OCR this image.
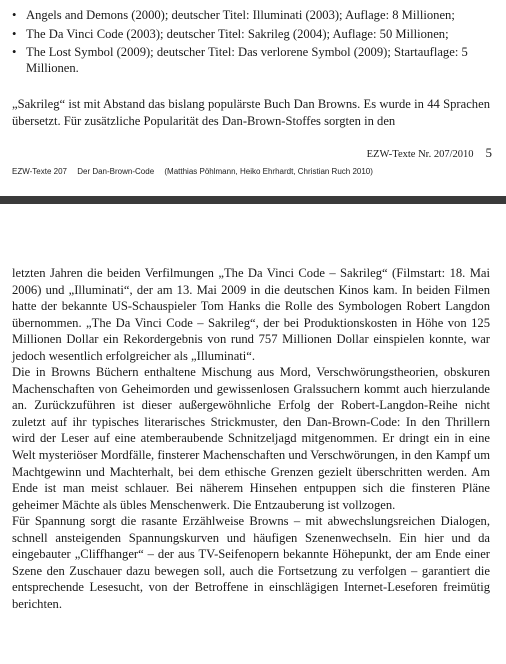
• Angels and Demons (2000); deutscher Titel: Illuminati (2003); Auflage: 8 Millionen;
• The Da Vinci Code (2003); deutscher Titel: Sakrileg (2004); Auflage: 50 Millionen;
• The Lost Symbol (2009); deutscher Titel: Das verlorene Symbol (2009); Startauflage: 5 Millionen.

„Sakrileg“ ist mit Abstand das bislang populärste Buch Dan Browns. Es wurde in 44 Sprachen übersetzt. Für zusätzliche Popularität des Dan-Brown-Stoffes sorgten in den

EZW-Texte Nr. 207/2010 5
EZW-Texte 207 Der Dan-Brown-Code (Matthias Pöhlmann, Heiko Ehrhardt, Christian Ruch 2010)

letzten Jahren die beiden Verfilmungen „The Da Vinci Code – Sakrileg“ (Filmstart: 18. Mai 2006) und „Illuminati“, der am 13. Mai 2009 in die deutschen Kinos kam. In beiden Filmen hatte der bekannte US-Schauspieler Tom Hanks die Rolle des Symbologen Robert Langdon übernommen. „The Da Vinci Code – Sakrileg“, der bei Produktionskosten in Höhe von 125 Millionen Dollar ein Rekordergebnis von rund 757 Millionen Dollar einspielen konnte, war jedoch wesentlich erfolgreicher als „Illuminati“.

Die in Browns Büchern enthaltene Mischung aus Mord, Verschwörungstheorien, obskuren Machenschaften von Geheimorden und gewissenlosen Gralssuchern kommt auch hierzulande an. Zurückzuführen ist dieser außergewöhnliche Erfolg der Robert-Langdon-Reihe nicht zuletzt auf ihr typisches literarisches Strickmuster, den Dan-Brown-Code: In den Thrillern wird der Leser auf eine atemberaubende Schnitzeljagd mitgenommen. Er dringt ein in eine Welt mysteriöser Mordfälle, finsterer Machenschaften und Verschwörungen, in den Kampf um Machtgewinn und Machterhalt, bei dem ethische Grenzen gezielt überschritten werden. Am Ende ist man meist schlauer. Bei näherem Hinsehen entpuppen sich die finsteren Pläne geheimer Mächte als übles Menschenwerk. Die Entzauberung ist vollzogen.

Für Spannung sorgt die rasante Erzählweise Browns – mit abwechslungsreichen Dialogen, schnell ansteigenden Spannungskurven und häufigen Szenenwechseln. Ein hier und da eingebauter „Cliffhanger“ – der aus TV-Seifenopern bekannte Höhepunkt, der am Ende einer Szene den Zuschauer dazu bewegen soll, auch die Fortsetzung zu verfolgen – garantiert die entsprechende Lesesucht, von der Betroffene in einschlägigen Internet-Leseforen freimütig berichten.
